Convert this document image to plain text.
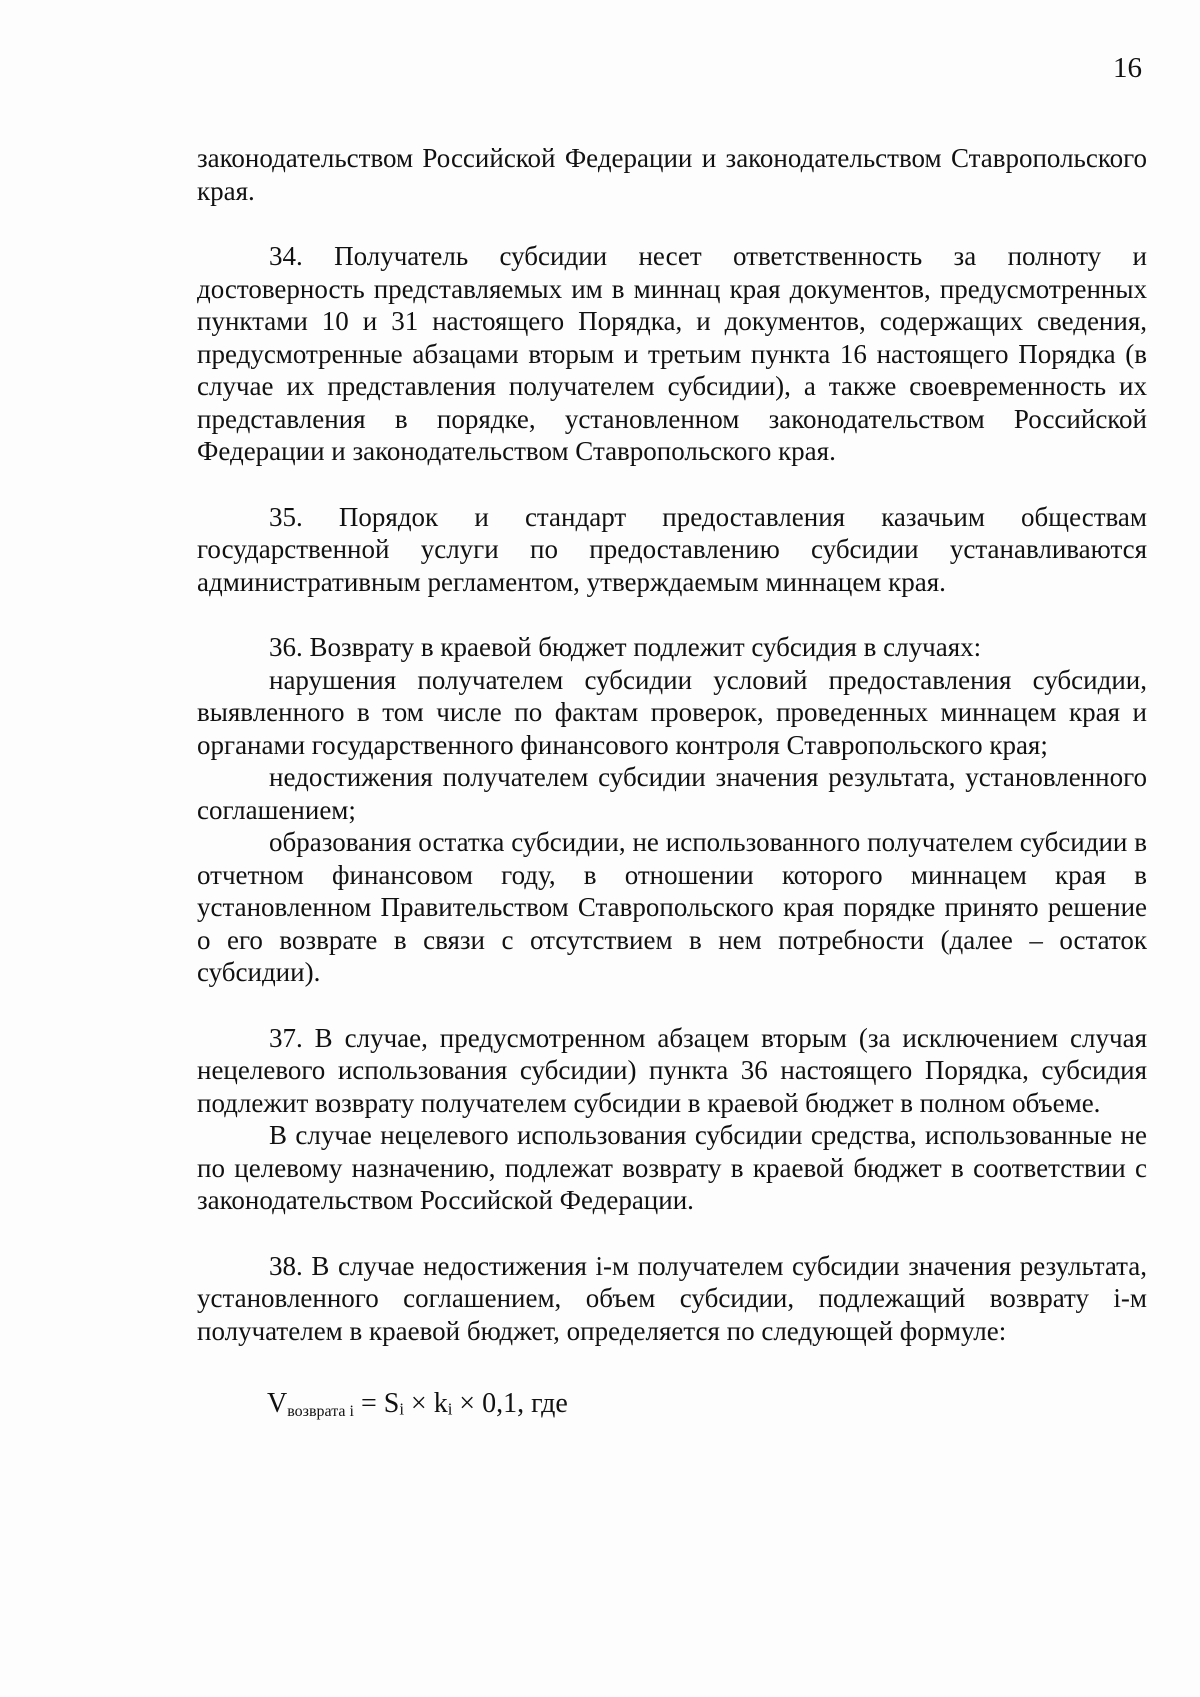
16

законодательством Российской Федерации и законодательством Ставропольского края.

34. Получатель субсидии несет ответственность за полноту и достоверность представляемых им в миннац края документов, предусмотренных пунктами 10 и 31 настоящего Порядка, и документов, содержащих сведения, предусмотренные абзацами вторым и третьим пункта 16 настоящего Порядка (в случае их представления получателем субсидии), а также своевременность их представления в порядке, установленном законодательством Российской Федерации и законодательством Ставропольского края.

35. Порядок и стандарт предоставления казачьим обществам государственной услуги по предоставлению субсидии устанавливаются административным регламентом, утверждаемым миннацем края.

36. Возврату в краевой бюджет подлежит субсидия в случаях:

нарушения получателем субсидии условий предоставления субсидии, выявленного в том числе по фактам проверок, проведенных миннацем края и органами государственного финансового контроля Ставропольского края;

недостижения получателем субсидии значения результата, установленного соглашением;

образования остатка субсидии, не использованного получателем субсидии в отчетном финансовом году, в отношении которого миннацем края в установленном Правительством Ставропольского края порядке принято решение о его возврате в связи с отсутствием в нем потребности (далее – остаток субсидии).

37. В случае, предусмотренном абзацем вторым (за исключением случая нецелевого использования субсидии) пункта 36 настоящего Порядка, субсидия подлежит возврату получателем субсидии в краевой бюджет в полном объеме.

В случае нецелевого использования субсидии средства, использованные не по целевому назначению, подлежат возврату в краевой бюджет в соответствии с законодательством Российской Федерации.

38. В случае недостижения i-м получателем субсидии значения результата, установленного соглашением, объем субсидии, подлежащий возврату i-м получателем в краевой бюджет, определяется по следующей формуле:

$V_{возврата i}$ = Sᵢ × kᵢ × 0,1, где
